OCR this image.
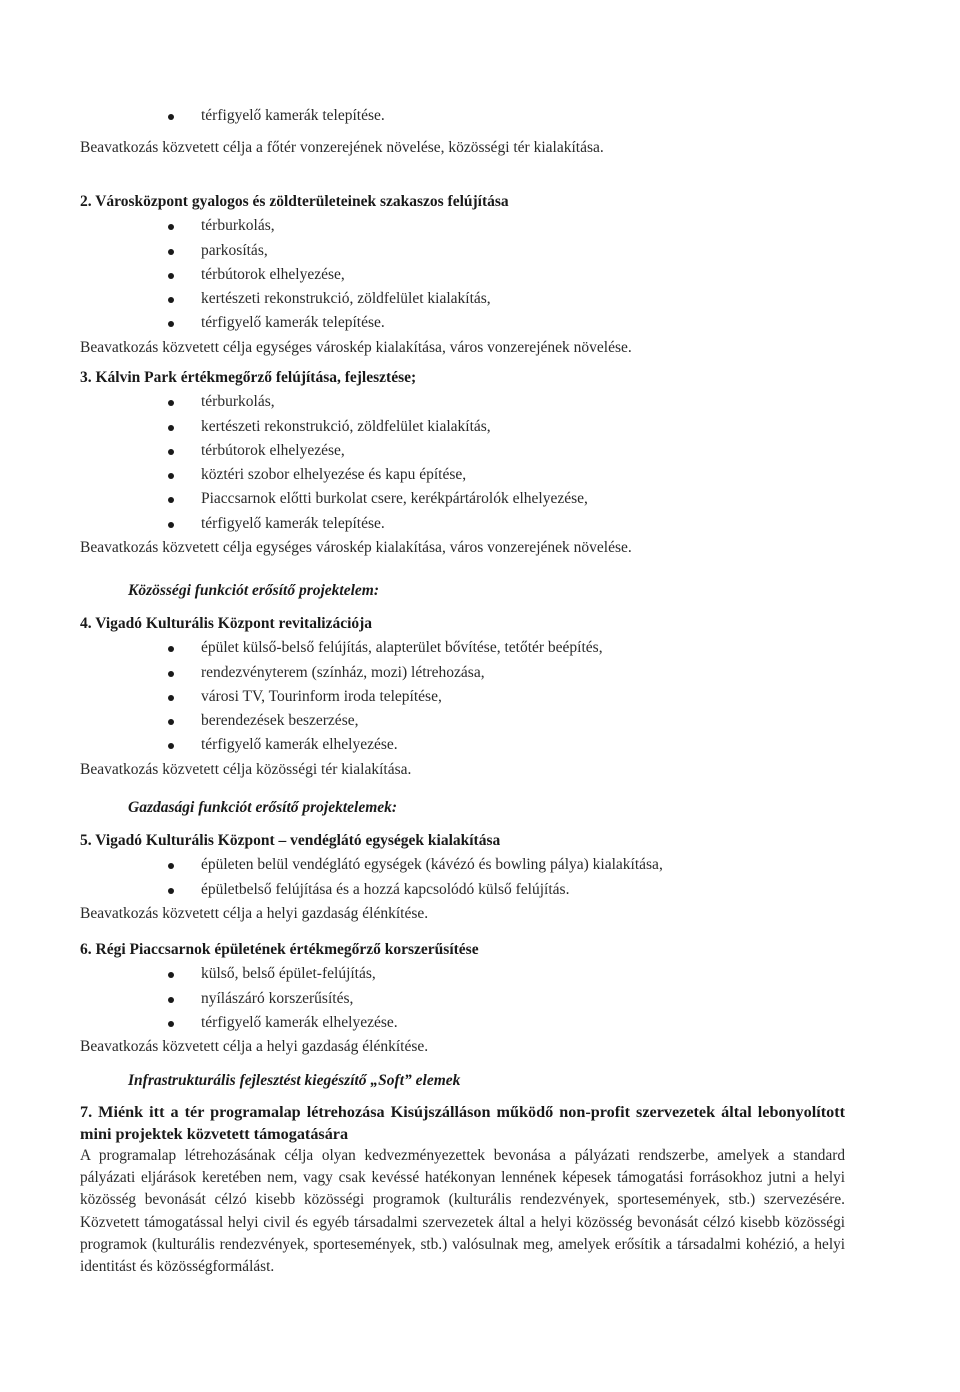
térfigyelő kamerák telepítése.
Beavatkozás közvetett célja a főtér vonzerejének növelése, közösségi tér kialakítása.
2. Városközpont gyalogos és zöldterületeinek szakaszos felújítása
térburkolás,
parkosítás,
térbútorok elhelyezése,
kertészeti rekonstrukció, zöldfelület kialakítás,
térfigyelő kamerák telepítése.
Beavatkozás közvetett célja egységes városkép kialakítása, város vonzerejének növelése.
3. Kálvin Park értékmegőrző felújítása, fejlesztése;
térburkolás,
kertészeti rekonstrukció, zöldfelület kialakítás,
térbútorok elhelyezése,
köztéri szobor elhelyezése és kapu építése,
Piaccsarnok előtti burkolat csere, kerékpártárolók elhelyezése,
térfigyelő kamerák telepítése.
Beavatkozás közvetett célja egységes városkép kialakítása, város vonzerejének növelése.
Közösségi funkciót erősítő projektelem:
4. Vigadó Kulturális Központ revitalizációja
épület külső-belső felújítás, alapterület bővítése, tetőtér beépítés,
rendezvényterem (színház, mozi) létrehozása,
városi TV, Tourinform iroda telepítése,
berendezések beszerzése,
térfigyelő kamerák elhelyezése.
Beavatkozás közvetett célja közösségi tér kialakítása.
Gazdasági funkciót erősítő projektelemek:
5. Vigadó Kulturális Központ – vendéglátó egységek kialakítása
épületen belül vendéglátó egységek (kávézó és bowling pálya) kialakítása,
épületbelső felújítása és a hozzá kapcsolódó külső felújítás.
Beavatkozás közvetett célja a helyi gazdaság élénkítése.
6. Régi Piaccsarnok épületének értékmegőrző korszerűsítése
külső, belső épület-felújítás,
nyílászáró korszerűsítés,
térfigyelő kamerák elhelyezése.
Beavatkozás közvetett célja a helyi gazdaság élénkítése.
Infrastrukturális fejlesztést kiegészítő „Soft” elemek
7. Miénk itt a tér programalap létrehozása Kisújszálláson működő non-profit szervezetek által lebonyolított mini projektek közvetett támogatására
A programalap létrehozásának célja olyan kedvezményezettek bevonása a pályázati rendszerbe, amelyek a standard pályázati eljárások keretében nem, vagy csak kevéssé hatékonyan lennének képesek támogatási forrásokhoz jutni a helyi közösség bevonását célzó kisebb közösségi programok (kulturális rendezvények, sportesemények, stb.) szervezésére. Közvetett támogatással helyi civil és egyéb társadalmi szervezetek által a helyi közösség bevonását célzó kisebb közösségi programok (kulturális rendezvények, sportesemények, stb.) valósulnak meg, amelyek erősítik a társadalmi kohézió, a helyi identitást és közösségformálást.
